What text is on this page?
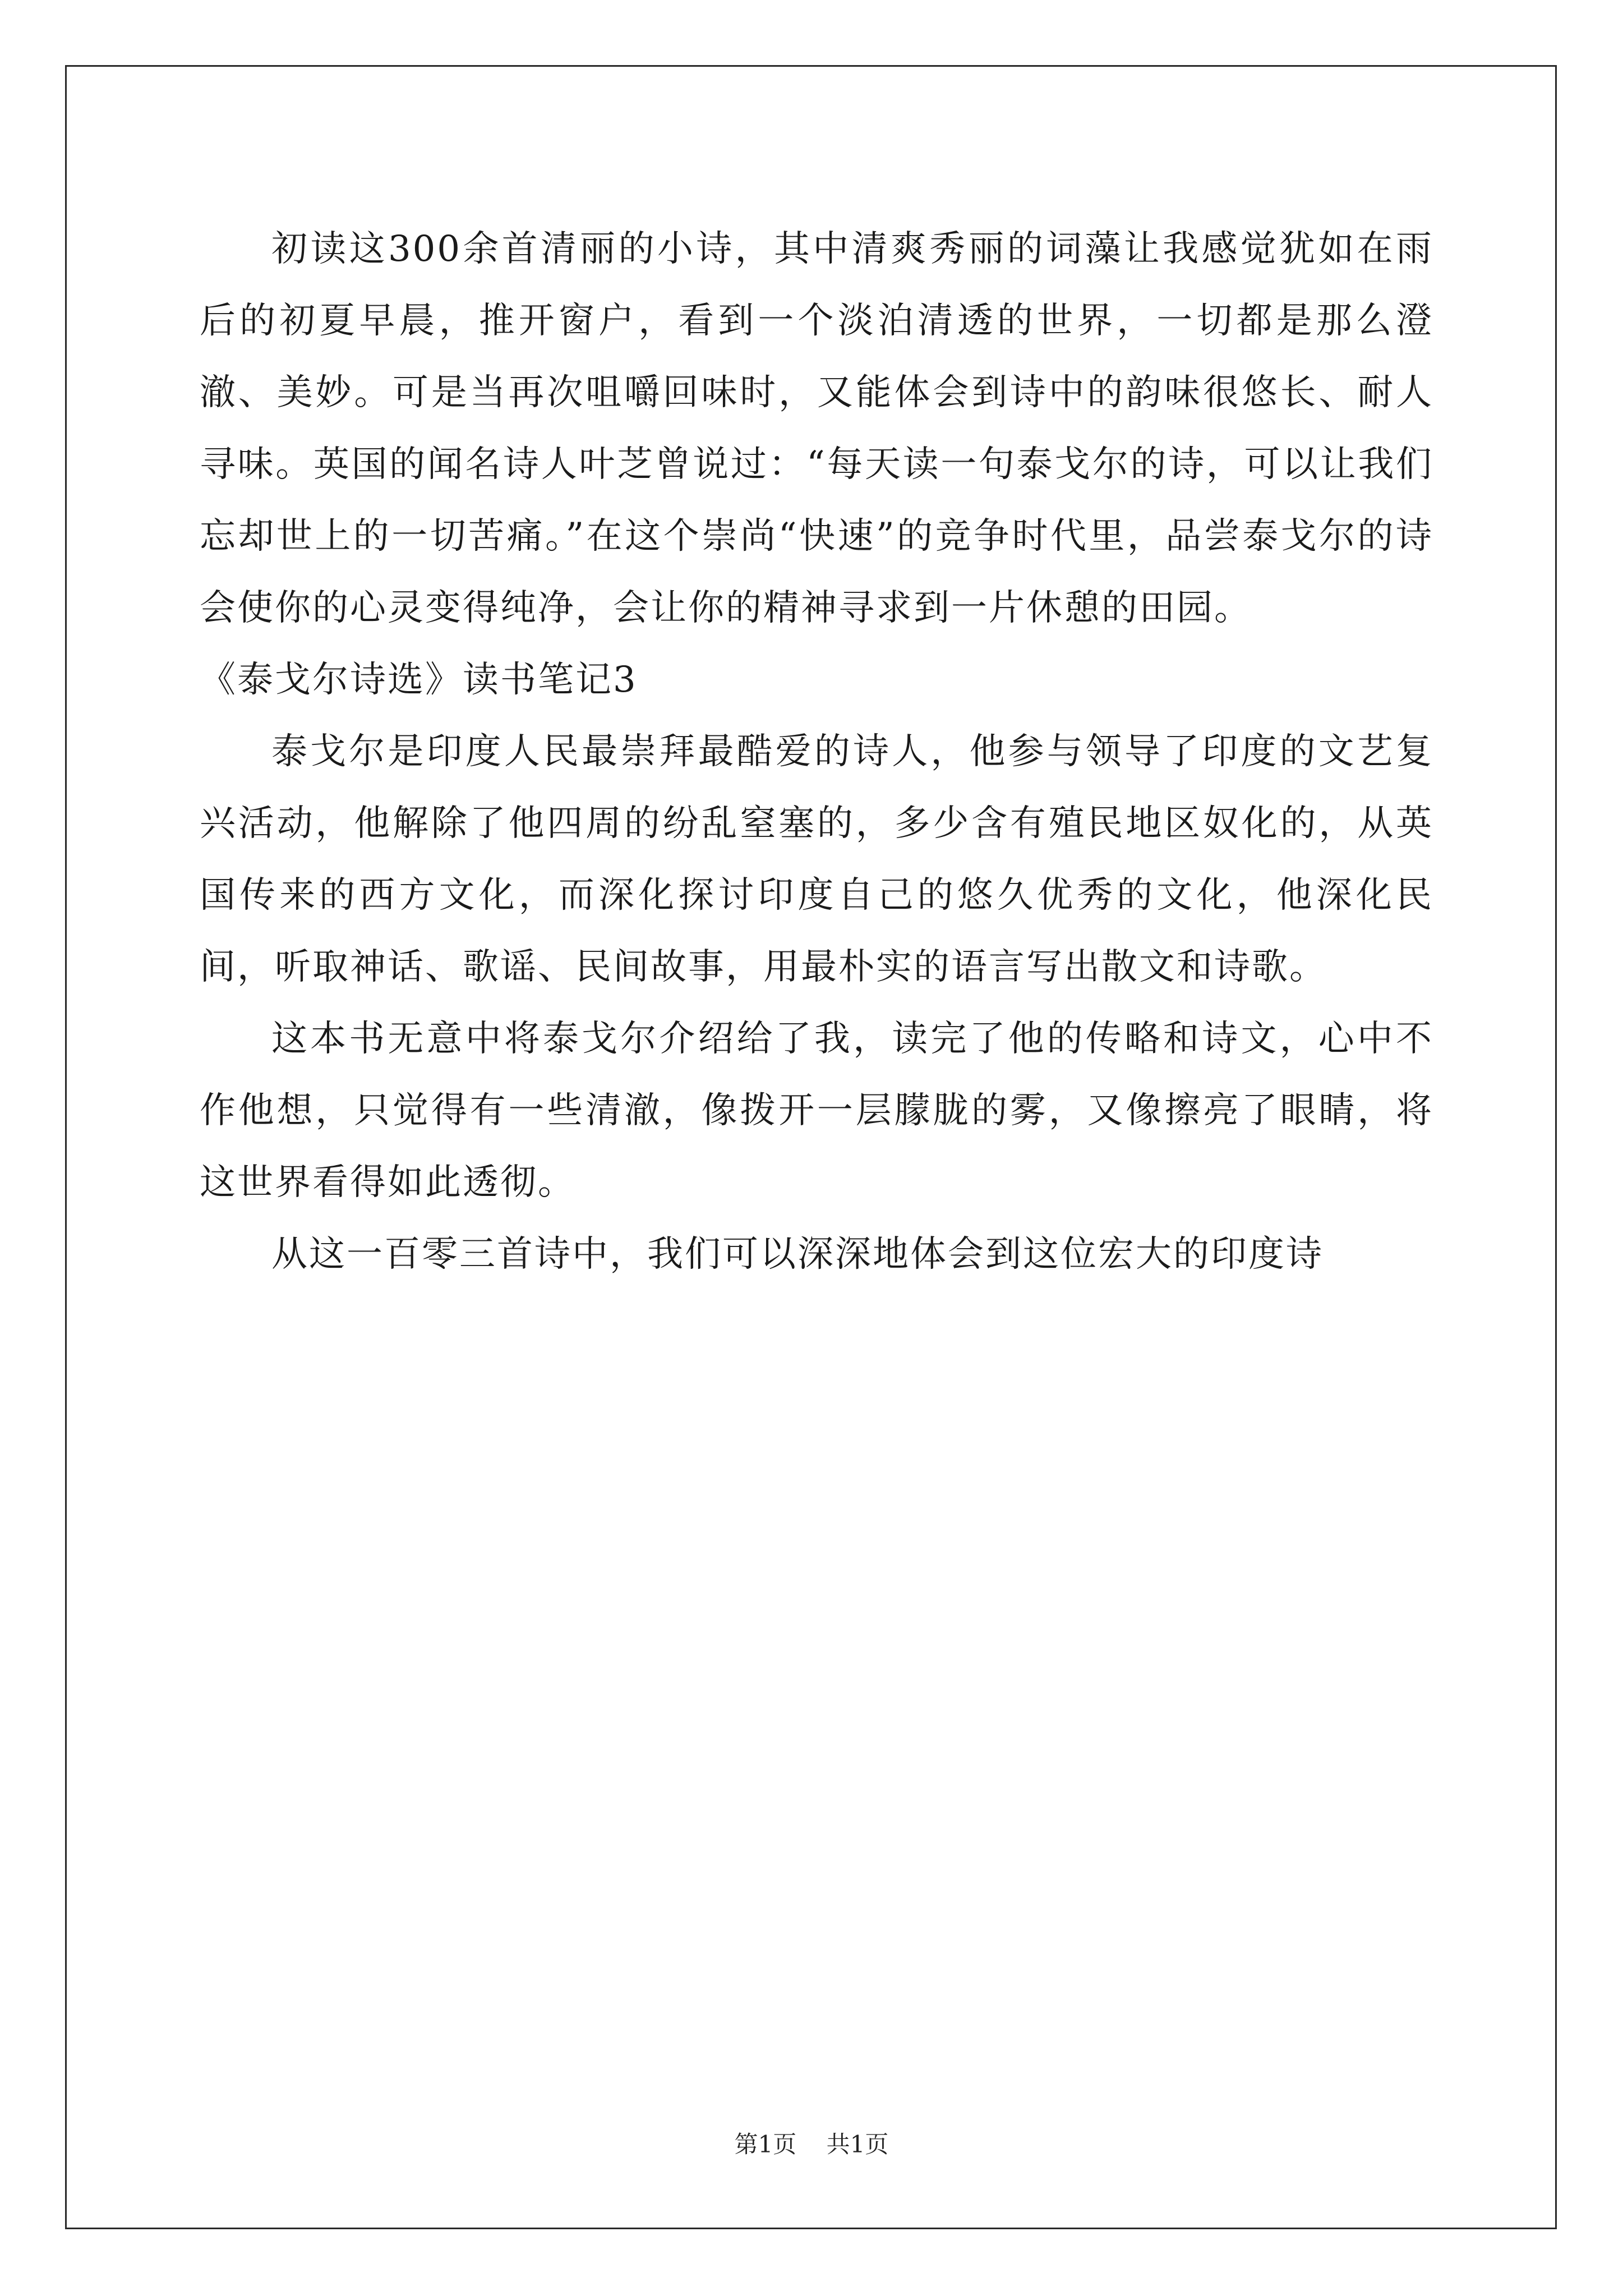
初读这300余首清丽的小诗，其中清爽秀丽的词藻让我感觉犹如在雨后的初夏早晨，推开窗户，看到一个淡泊清透的世界，一切都是那么澄澈、美妙。可是当再次咀嚼回味时，又能体会到诗中的韵味很悠长、耐人寻味。英国的闻名诗人叶芝曾说过：“每天读一句泰戈尔的诗，可以让我们忘却世上的一切苦痛。”在这个崇尚“快速”的竞争时代里，品尝泰戈尔的诗会使你的心灵变得纯净，会让你的精神寻求到一片休憩的田园。

《泰戈尔诗选》读书笔记3

泰戈尔是印度人民最崇拜最酷爱的诗人，他参与领导了印度的文艺复兴活动，他解除了他四周的纷乱窒塞的，多少含有殖民地区奴化的，从英国传来的西方文化，而深化探讨印度自己的悠久优秀的文化，他深化民间，听取神话、歌谣、民间故事，用最朴实的语言写出散文和诗歌。

这本书无意中将泰戈尔介绍给了我，读完了他的传略和诗文，心中不作他想，只觉得有一些清澈，像拨开一层朦胧的雾，又像擦亮了眼睛，将这世界看得如此透彻。

从这一百零三首诗中，我们可以深深地体会到这位宏大的印度诗

第1页 共1页
